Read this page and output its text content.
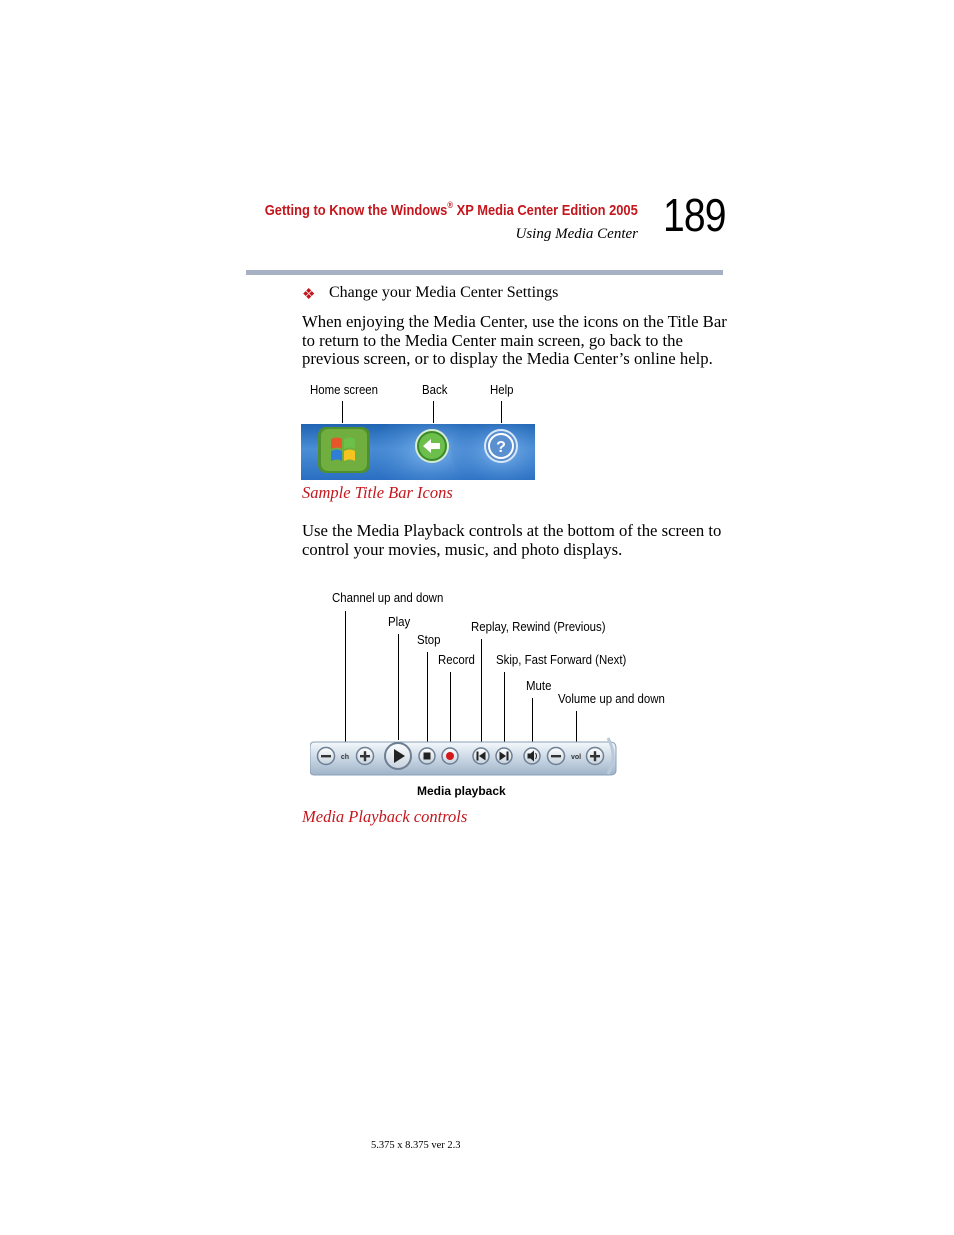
Getting to Know the Windows® XP Media Center Edition 2005
Using Media Center 189
❖ Change your Media Center Settings
When enjoying the Media Center, use the icons on the Title Bar to return to the Media Center main screen, go back to the previous screen, or to display the Media Center’s online help.
Home screen	Back	Help
?
Sample Title Bar Icons
Use the Media Playback controls at the bottom of the screen to control your movies, music, and photo displays.
Channel up and down
Play
Stop
Record
Replay, Rewind (Previous)
Skip, Fast Forward (Next)
Mute
Volume up and down
ch	vol
Media playback
Media Playback controls
5.375 x 8.375 ver 2.3
